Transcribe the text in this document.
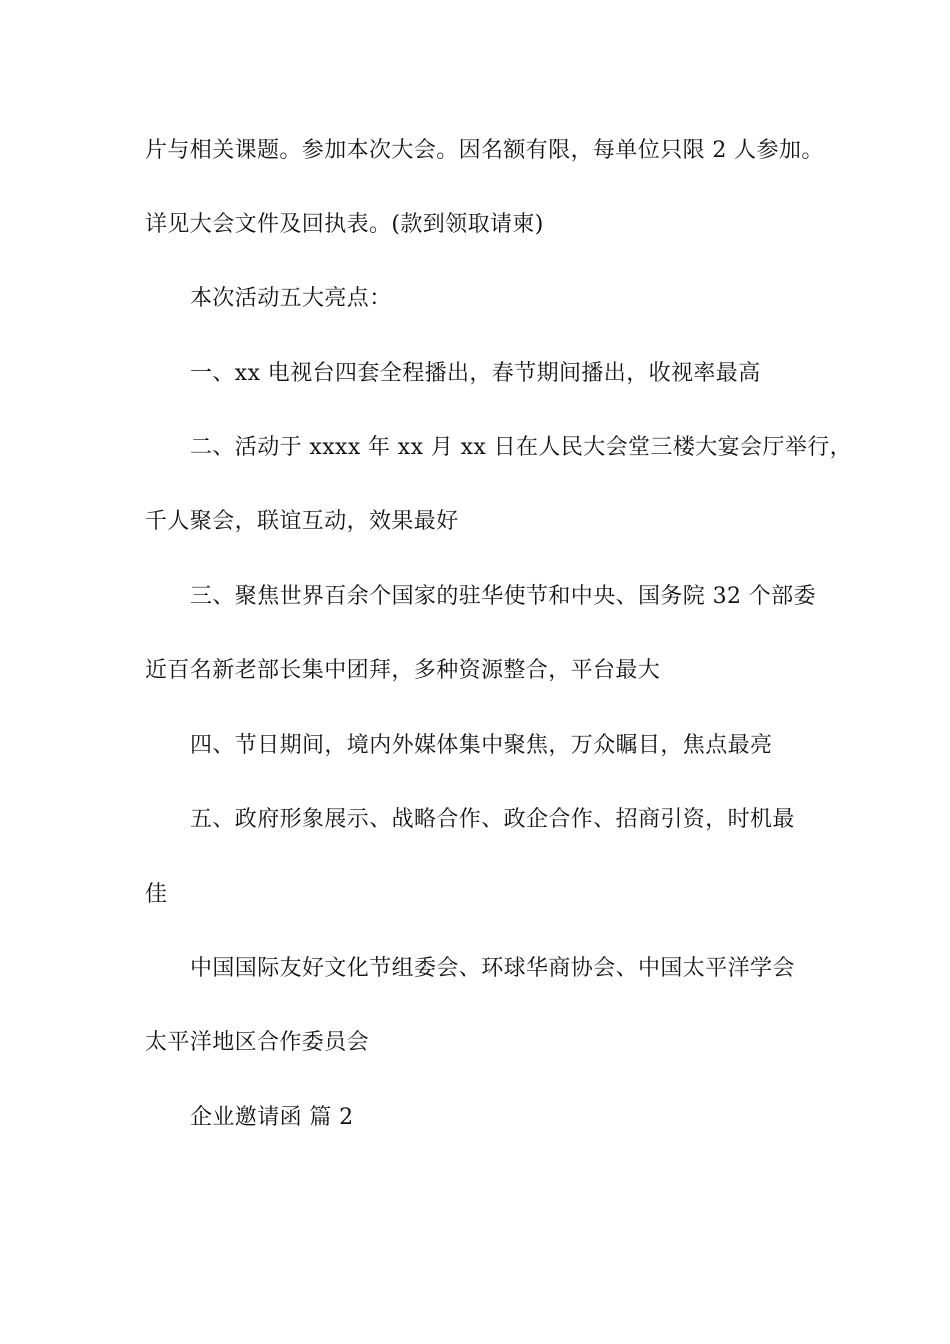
片与相关课题。参加本次大会。因名额有限，每单位只限 2 人参加。
详见大会文件及回执表。(款到领取请柬)
本次活动五大亮点：
一、xx 电视台四套全程播出，春节期间播出，收视率最高
二、活动于 xxxx 年 xx 月 xx 日在人民大会堂三楼大宴会厅举行，
千人聚会，联谊互动，效果最好
三、聚焦世界百余个国家的驻华使节和中央、国务院 32 个部委
近百名新老部长集中团拜，多种资源整合，平台最大
四、节日期间，境内外媒体集中聚焦，万众瞩目，焦点最亮
五、政府形象展示、战略合作、政企合作、招商引资，时机最
佳
中国国际友好文化节组委会、环球华商协会、中国太平洋学会
太平洋地区合作委员会
企业邀请函 篇 2
